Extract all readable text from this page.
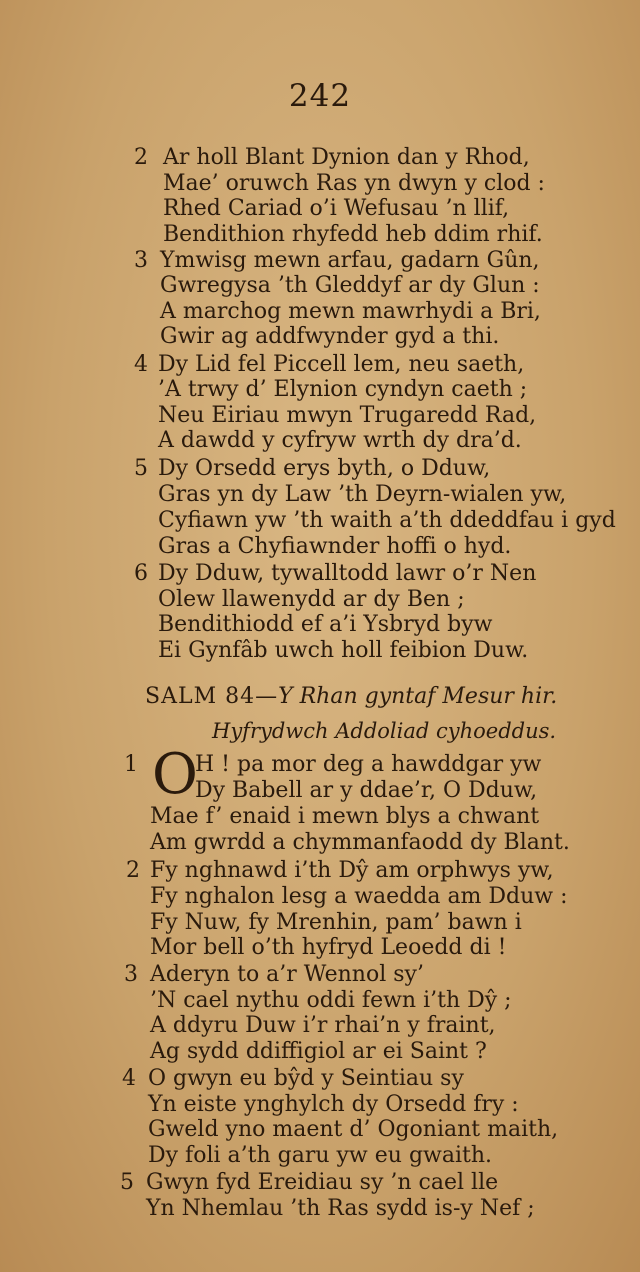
242
2 Ar holl Blant Dynion dan y Rhod,
Mae’ oruwch Ras yn dwyn y clod :
Rhed Cariad o’i Wefusau ’n llif,
Bendithion rhyfedd heb ddim rhif.
3 Ymwisg mewn arfau, gadarn Gûn,
Gwregysa ’th Gleddyf ar dy Glun :
A marchog mewn mawrhydi a Bri,
Gwir ag addfwynder gyd a thi.
4 Dy Lid fel Piccell lem, neu saeth,
’A trwy d’ Elynion cyndyn caeth ;
Neu Eiriau mwyn Trugaredd Rad,
A dawdd y cyfryw wrth dy dra’d.
5 Dy Orsedd erys byth, o Dduw,
Gras yn dy Law ’th Deyrn-wialen yw,
Cyfiawn yw ’th waith a’th ddeddfau i gyd
Gras a Chyfiawnder hoffi o hyd.
6 Dy Dduw, tywalltodd lawr o’r Nen
Olew llawenydd ar dy Ben ;
Bendithiodd ef a’i Ysbryd byw
Ei Gynfâb uwch holl feibion Duw.
SALM 84—Y Rhan gyntaf Mesur hir.
Hyfrydwch Addoliad cyhoeddus.
1 O
H ! pa mor deg a hawddgar yw
Dy Babell ar y ddae’r, O Dduw,
Mae f’ enaid i mewn blys a chwant
Am gwrdd a chymmanfaodd dy Blant.
2 Fy nghnawd i’th Dŷ am orphwys yw,
Fy nghalon lesg a waedda am Dduw :
Fy Nuw, fy Mrenhin, pam’ bawn i
Mor bell o’th hyfryd Leoedd di !
3 Aderyn to a’r Wennol sy’
’N cael nythu oddi fewn i’th Dŷ ;
A ddyru Duw i’r rhai’n y fraint,
Ag sydd ddiffigiol ar ei Saint ?
4 O gwyn eu bŷd y Seintiau sy
Yn eiste ynghylch dy Orsedd fry :
Gweld yno maent d’ Ogoniant maith,
Dy foli a’th garu yw eu gwaith.
5 Gwyn fyd Ereidiau sy ’n cael lle
Yn Nhemlau ’th Ras sydd is-y Nef ;
